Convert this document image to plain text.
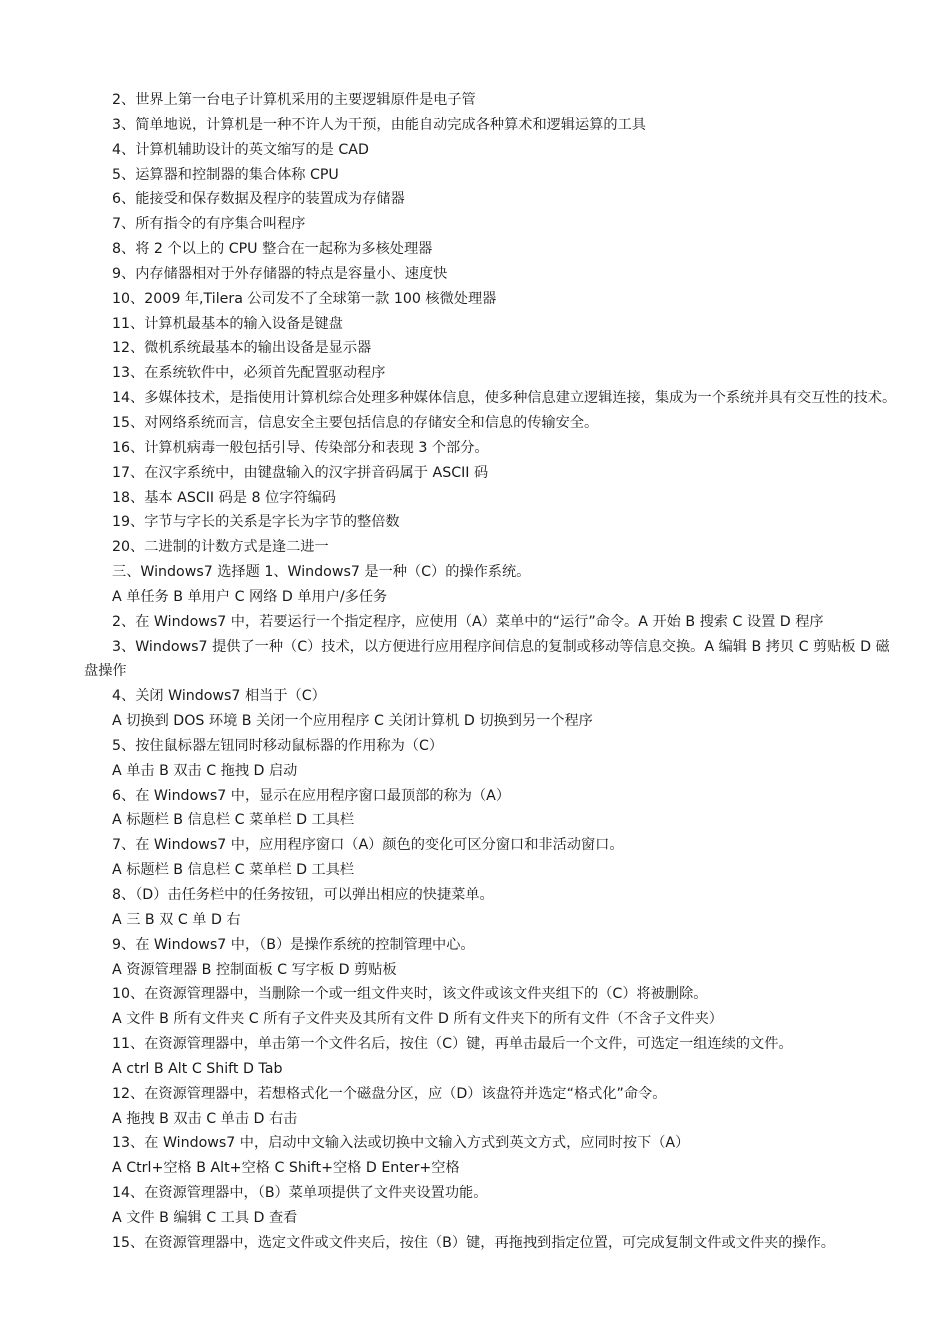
2、世界上第一台电子计算机采用的主要逻辑原件是电子管
3、简单地说，计算机是一种不许人为干预，由能自动完成各种算术和逻辑运算的工具
4、计算机辅助设计的英文缩写的是 CAD
5、运算器和控制器的集合体称 CPU
6、能接受和保存数据及程序的装置成为存储器
7、所有指令的有序集合叫程序
8、将 2 个以上的 CPU 整合在一起称为多核处理器
9、内存储器相对于外存储器的特点是容量小、速度快
10、2009 年,Tilera 公司发不了全球第一款 100 核微处理器
11、计算机最基本的输入设备是键盘
12、微机系统最基本的输出设备是显示器
13、在系统软件中，必须首先配置驱动程序
14、多媒体技术，是指使用计算机综合处理多种媒体信息，使多种信息建立逻辑连接，集成为一个系统并具有交互性的技术。
15、对网络系统而言，信息安全主要包括信息的存储安全和信息的传输安全。
16、计算机病毒一般包括引导、传染部分和表现 3 个部分。
17、在汉字系统中，由键盘输入的汉字拼音码属于 ASCII 码
18、基本 ASCII 码是 8 位字符编码
19、字节与字长的关系是字长为字节的整倍数
20、二进制的计数方式是逢二进一
三、Windows7 选择题 1、Windows7 是一种（C）的操作系统。
A 单任务 B 单用户 C 网络 D 单用户/多任务
2、在 Windows7 中，若要运行一个指定程序，应使用（A）菜单中的“运行”命令。A 开始 B 搜索 C 设置 D 程序
3、Windows7 提供了一种（C）技术，以方便进行应用程序间信息的复制或移动等信息交换。A 编辑 B 拷贝 C 剪贴板 D 磁盘操作
4、关闭 Windows7 相当于（C）
A 切换到 DOS 环境 B 关闭一个应用程序 C 关闭计算机 D 切换到另一个程序
5、按住鼠标器左钮同时移动鼠标器的作用称为（C）
A 单击 B 双击 C 拖拽 D 启动
6、在 Windows7 中，显示在应用程序窗口最顶部的称为（A）
A 标题栏 B 信息栏 C 菜单栏 D 工具栏
7、在 Windows7 中，应用程序窗口（A）颜色的变化可区分窗口和非活动窗口。
A 标题栏 B 信息栏 C 菜单栏 D 工具栏
8、（D）击任务栏中的任务按钮，可以弹出相应的快捷菜单。
A 三 B 双 C 单 D 右
9、在 Windows7 中，（B）是操作系统的控制管理中心。
A 资源管理器 B 控制面板 C 写字板 D 剪贴板
10、在资源管理器中，当删除一个或一组文件夹时，该文件或该文件夹组下的（C）将被删除。
A 文件 B 所有文件夹 C 所有子文件夹及其所有文件 D 所有文件夹下的所有文件（不含子文件夹）
11、在资源管理器中，单击第一个文件名后，按住（C）键，再单击最后一个文件，可选定一组连续的文件。
A ctrl B Alt C Shift D Tab
12、在资源管理器中，若想格式化一个磁盘分区，应（D）该盘符并选定“格式化”命令。
A 拖拽 B 双击 C 单击 D 右击
13、在 Windows7 中，启动中文输入法或切换中文输入方式到英文方式，应同时按下（A）
A Ctrl+空格 B Alt+空格 C Shift+空格 D Enter+空格
14、在资源管理器中，（B）菜单项提供了文件夹设置功能。
A 文件 B 编辑 C 工具 D 查看
15、在资源管理器中，选定文件或文件夹后，按住（B）键，再拖拽到指定位置，可完成复制文件或文件夹的操作。
